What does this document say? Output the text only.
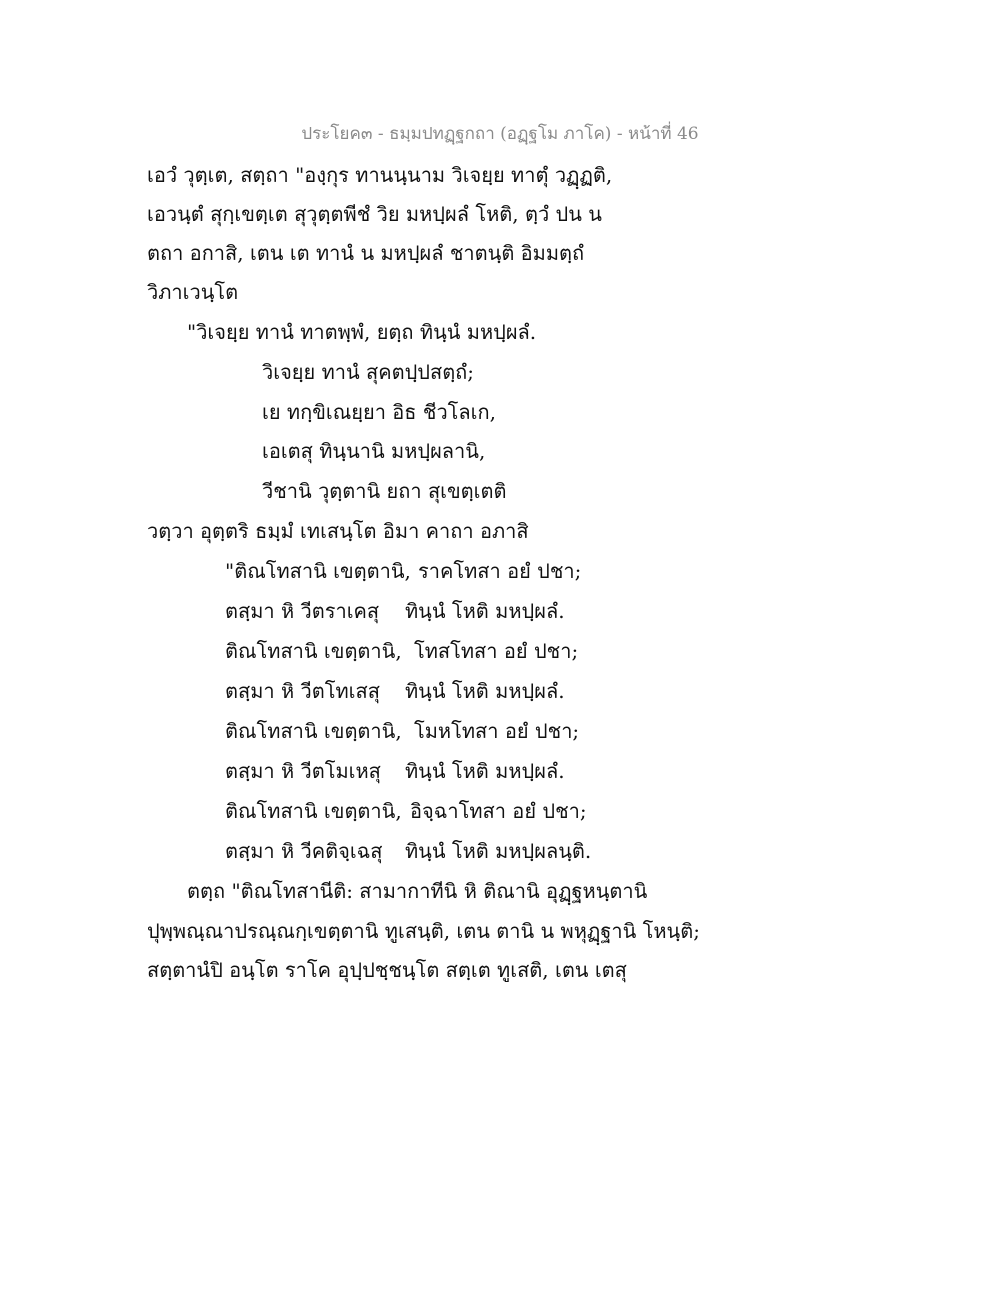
ประโยค๓ - ธมฺมปทฏฺฐกถา (อฏฺฐโม ภาโค) - หน้าที่ 46
เอวํ วุตฺเต, สตฺถา "องฺกุร ทานนฺนาม วิเจยฺย ทาตุํ วฏฺฏติ,
เอวนฺตํ สุกฺเขตฺเต สุวุตฺตพีชํ วิย มหปฺผลํ โหติ, ตฺวํ ปน น
ตถา อกาสิ, เตน เต ทานํ น มหปฺผลํ ชาตนฺติ อิมมตฺถํ
วิภาเวนฺโต
"วิเจยฺย ทานํ ทาตพฺพํ, ยตฺถ ทินฺนํ มหปฺผลํ.
วิเจยฺย ทานํ สุคตปฺปสตฺถํ;
เย ทกฺขิเณยฺยา อิธ ชีวโลเก,
เอเตสุ ทินฺนานิ มหปฺผลานิ,
วีชานิ วุตฺตานิ ยถา สุเขตฺเตติ
วตฺวา อุตฺตริ ธมฺมํ เทเสนฺโต อิมา คาถา อภาสิ
"ติณโทสานิ เขตฺตานิ, ราคโทสา อยํ ปชา;
ตสฺมา หิ วีตราเคสุ ทินฺนํ โหติ มหปฺผลํ.
ติณโทสานิ เขตฺตานิ, โทสโทสา อยํ ปชา;
ตสฺมา หิ วีตโทเสสุ ทินฺนํ โหติ มหปฺผลํ.
ติณโทสานิ เขตฺตานิ, โมหโทสา อยํ ปชา;
ตสฺมา หิ วีตโมเหสุ ทินฺนํ โหติ มหปฺผลํ.
ติณโทสานิ เขตฺตานิ, อิจฺฉาโทสา อยํ ปชา;
ตสฺมา หิ วีคติจฺเฉสุ ทินฺนํ โหติ มหปฺผลนฺติ.
ตตฺถ "ติณโทสานีติ: สามากาทีนิ หิ ติณานิ อุฏฺฐหนฺตานิ
ปุพฺพณฺณาปรณฺณกฺเขตฺตานิ ทูเสนฺติ, เตน ตานิ น พหุฏฺฐานิ โหนฺติ;
สตฺตานํปิ อนฺโต ราโค อุปฺปชฺชนฺโต สตฺเต ทูเสติ, เตน เตสุ
